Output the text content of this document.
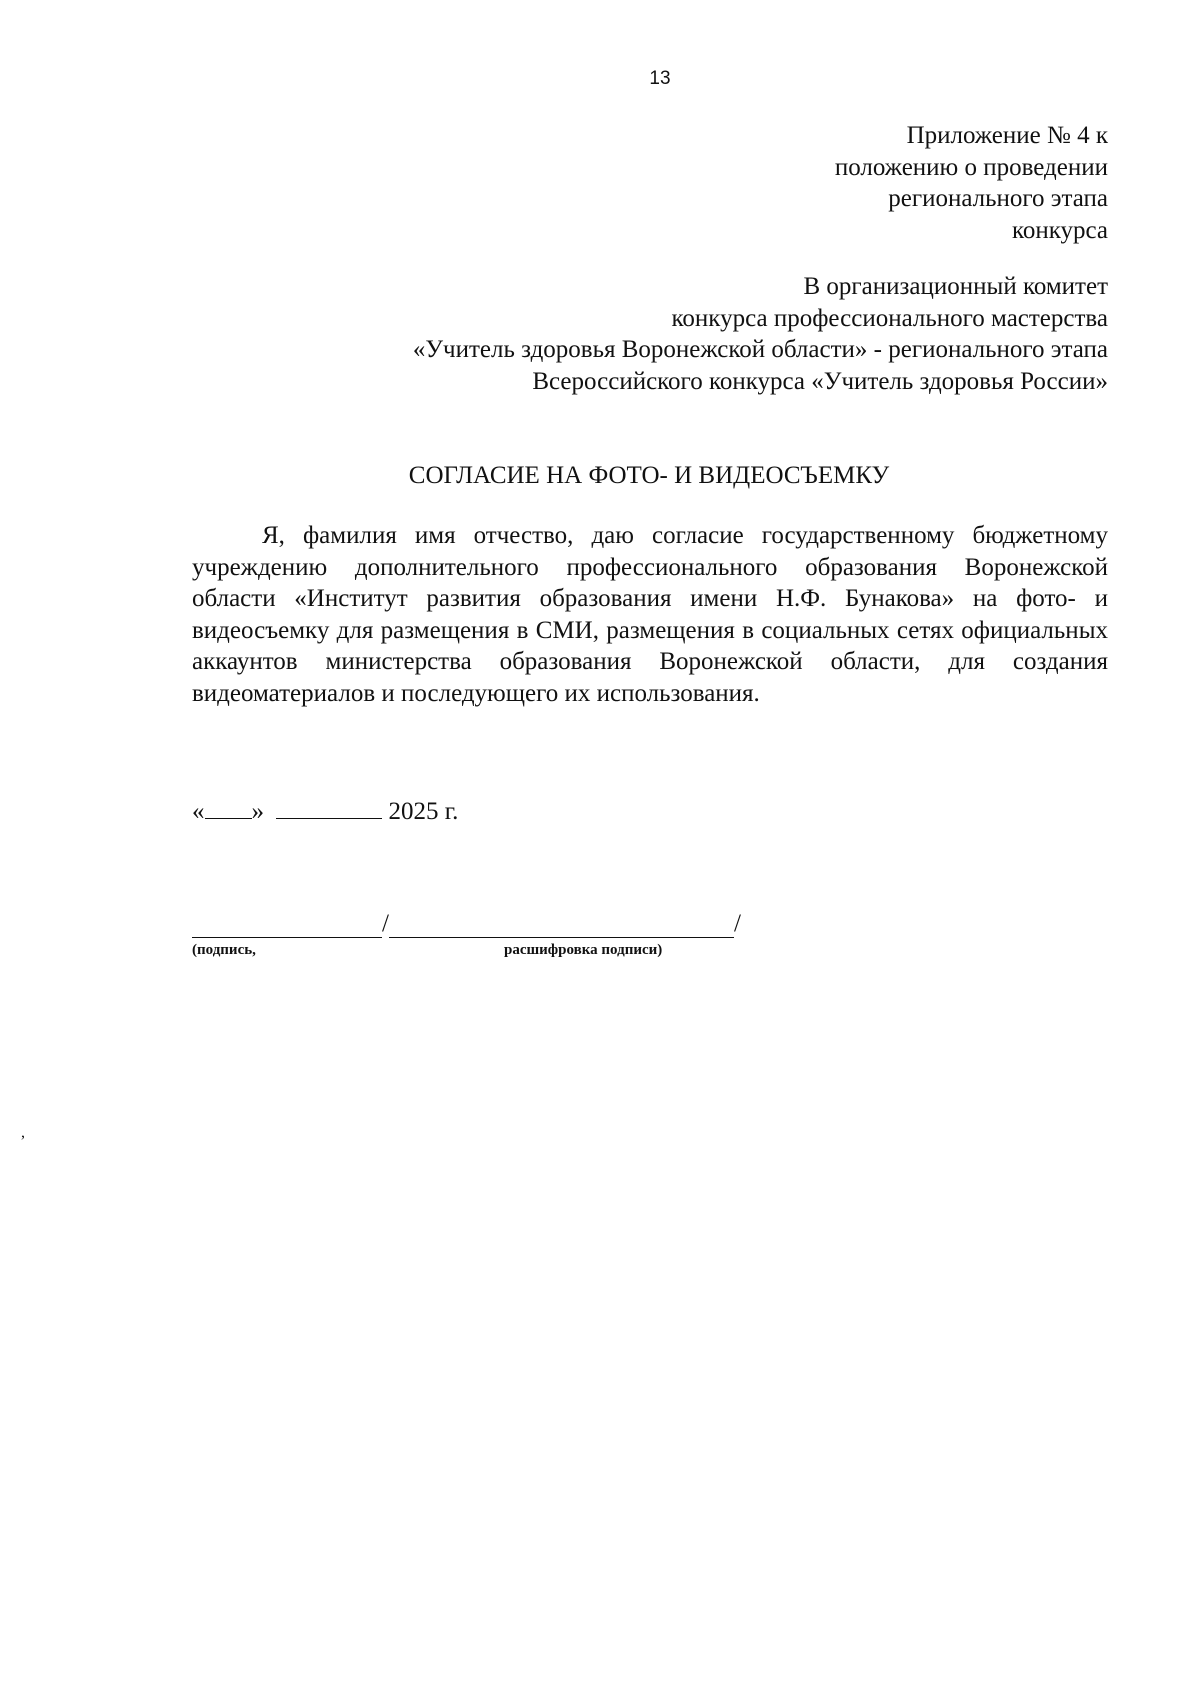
13
Приложение № 4 к
положению о проведении
регионального этапа
конкурса
В организационный комитет
конкурса профессионального мастерства
«Учитель здоровья Воронежской области» - регионального этапа
Всероссийского конкурса «Учитель здоровья России»
СОГЛАСИЕ НА ФОТО- И ВИДЕОСЪЕМКУ

Я, фамилия имя отчество, даю согласие государственному бюджетному учреждению дополнительного профессионального образования Воронежской области «Институт развития образования имени Н.Ф. Бунакова» на фото- и видеосъемку для размещения в СМИ, размещения в социальных сетях официальных аккаунтов министерства образования Воронежской области, для создания видеоматериалов и последующего их использования.

« »	2025 г.
/	/
(подпись,	расшифровка подписи)
,
